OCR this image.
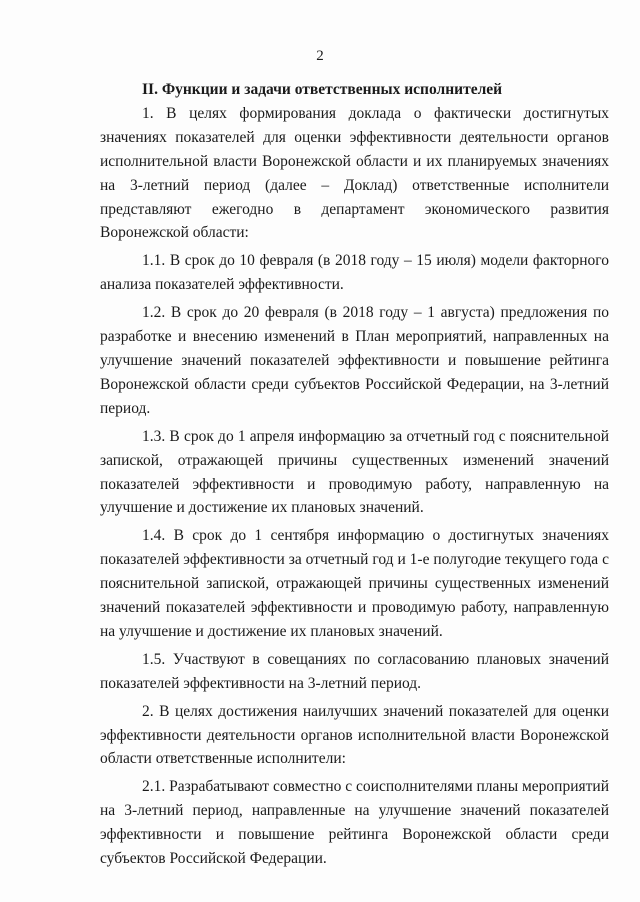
2

II. Функции и задачи ответственных исполнителей

1. В целях формирования доклада о фактически достигнутых значениях показателей для оценки эффективности деятельности органов исполнительной власти Воронежской области и их планируемых значениях на 3-летний период (далее – Доклад) ответственные исполнители представляют ежегодно в департамент экономического развития Воронежской области:

1.1. В срок до 10 февраля (в 2018 году – 15 июля) модели факторного анализа показателей эффективности.

1.2. В срок до 20 февраля (в 2018 году – 1 августа) предложения по разработке и внесению изменений в План мероприятий, направленных на улучшение значений показателей эффективности и повышение рейтинга Воронежской области среди субъектов Российской Федерации, на 3-летний период.

1.3. В срок до 1 апреля информацию за отчетный год с пояснительной запиской, отражающей причины существенных изменений значений показателей эффективности и проводимую работу, направленную на улучшение и достижение их плановых значений.

1.4. В срок до 1 сентября информацию о достигнутых значениях показателей эффективности за отчетный год и 1-е полугодие текущего года с пояснительной запиской, отражающей причины существенных изменений значений показателей эффективности и проводимую работу, направленную на улучшение и достижение их плановых значений.

1.5. Участвуют в совещаниях по согласованию плановых значений показателей эффективности на 3-летний период.

2. В целях достижения наилучших значений показателей для оценки эффективности деятельности органов исполнительной власти Воронежской области ответственные исполнители:

2.1. Разрабатывают совместно с соисполнителями планы мероприятий на 3-летний период, направленные на улучшение значений показателей эффективности и повышение рейтинга Воронежской области среди субъектов Российской Федерации.
